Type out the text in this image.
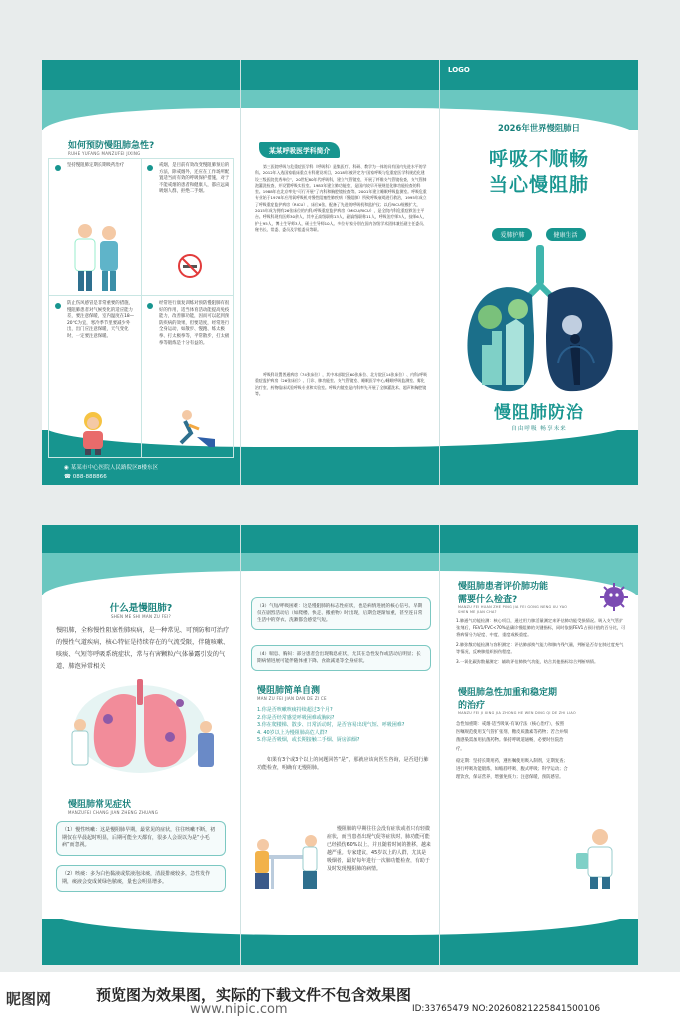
如何预防慢阻肺急性?
RUHE YUFANG MANZUFEI JIXING
坚持慢阻肺定期长期吸药治疗	戒烟，是目前有效改变慢阻肺预后的方法，除戒烟外，还应在工作场所配置适当而有效的呼吸保护措施，对于不能戒烟的患者和健康人，都应远离吸烟人群，拒绝二手烟。
防止伤风感冒是非常重要的措施，慢阻肺患者对气候变化的适应能力差，要注意保暖，室内温度在18—20℃为宜，寒冷季节里要减少外出，出门应注意保暖，天气变化时，一定要注意保暖。
经常进行康复训练对预防慢阻肺有很好的作用，适当体育活动能提高免疫能力，改善肺功能，因而可以起到预防疾病的效果，但要适度，经常进行全身运动，如散步、慢跑、练太极拳、打太极拳等，平常散步，打太极拳等锻炼是十分有益的。
◉ 某某市中心医院人民路院区8楼东区
☎ 088-888866
某某呼吸医学科简介
第三医院呼吸与危重症医学科（呼吸科）是集医疗、科研、教学为一体的具有国内先进水平的学科。2012年入选国家临床重点专科建设项目，2018年被评定为“国家呼吸与危重症医学科规范化建设三级医院优秀单位”，20世纪80年代呼吸科，建立气管镜室，开展了纤维支气管镜检查，支气管肺泡灌洗检查，并设置呼吸实验室。1983年建立肺功能室，是国内较早开展规范化肺功能检查的科室。1988年在北京率先“可行开展”了内科和胸腔镜检查等。2001年建立睡眠呼吸监测室。呼吸危重专业始于1978年应用氧呼吸机对慢性阻塞性肺疾病（慢阻肺）所致呼吸衰竭进行救治，1995年成立了呼吸重症监护病房（RICU），床位6张，配备了先进的呼吸机和监护仪；以后RICU规模扩大，2015年成为拥有26张床位的内科/呼吸重症监护病房（MICU/RICU），是全院内科危重症救治主平台。呼吸科现有医师30余人，其中正高级职称13人，副高级职称11人，呼吸治疗师3人，技师6人，护士95人，博士生导师3人，硕士生导师10人。多位专家分别在国内各级学术团体兼任副主任委员、秘书长、常委、委员及学组委员等职。
呼吸科设置普通病房（74张床位），其中本部院区60张床位、北方院区14张床位）、内科/呼吸重症监护病房（26张床位）、门诊、肺功能室、支气管镜室、睡眠医学中心/睡眠呼吸监测室、雾化治疗室、药物临床试验呼吸专业和实验室。呼吸内镜室是内科率先开展了全肺灌洗术、超声和胸腔镜等。
LOGO
2026年世界慢阻肺日
呼吸不顺畅
当心慢阻肺
爱肺护肺	健康生活
慢阻肺防治
自由呼吸 畅享未来
什么是慢阻肺?
SHEN ME SHI MAN ZU FEI?
慢阻肺，全称慢性阻塞性肺疾病，是一种常见、可预防和可治疗的慢性气道疾病，核心特征是持续存在的气流受限，伴随咳嗽、咳痰、气短等呼吸系统症状，常与有害颗粒/气体暴露引发的气道、肺泡异常相关
慢阻肺常见症状
MANZUFEI CHANG JIAN ZHENG ZHUANG
（1）慢性咳嗽：这是慢阻肺早期，最常见的症状，往往咳嗽不断，初期仅在早晨起时明显，后期可能全天都有，很多人会误以为是“小毛病”而忽视。
（2）咳痰：多为白色黏液或浆液泡沫痰，清晨排痰较多，急性发作期，痰液会变成黄绿色脓痰，量也会明显增多。
（3）气短/呼吸困难：这是慢阻肺的标志性症状，也是病情进展的核心信号。早期仅在剧烈活动后（如爬楼、快走、搬重物）时出现，后期会逐渐加重，甚至连日常生活中的穿衣、洗漱都会感觉气短。
（4）喘息、胸闷：部分患者会出现喘息症状，尤其在急性发作或活动后明显；长期病情进展可能伴随体重下降、食欲减退等全身症状。
慢阻肺简单自测
MAN ZU FEI JIAN DAN DE ZI CE
1.你是否咳嗽咳痰持续超过3个月?
2.你是否经常感觉呼吸困难或胸闷?
3.你在爬楼梯、散步、日常活动时，是否容易出现气短、呼吸困难?
4. 40岁以上为慢阻肺高危人群?
5.你是否吸烟，或长期接触二手烟、厨房油烟?
如果有3个或3个以上的问题回答“是”，那就应该向医生咨询，是否进行肺功能检查，明确有无慢阻肺。
慢阻肺的早期往往会没有症状或者只有轻微症状，而当患者出现气促等症状时，肺功能可能已经损伤60%以上，并且随着时间的推移，越来越严重。专家建议，45岁以上的人群，尤其是吸烟者，最好每年进行一次肺功能检查，有助于及时发现慢阻肺的病情。
慢阻肺患者评价肺功能
需要什么检查?
MANZU FEI HUAN ZHE PING JIA FEI GONG NENG XU YAO SHEN ME JIAN CHA?
1.肺通气功能检测：核心项目，通过用力肺活量测定来评估肺功能受损情况。吸入支气管扩张剂后，FEV1/FVC<70%是确诊慢阻肺的关键指标，同时依据FEV1占预计值的百分比，可将病情分为轻度、中度、重度或极重度。
2.肺弥散功能检测与容积测定：评估肺部换气能力和肺内残气量，判断是否存在肺过度充气等情况，反映肺组织损伤程度。
3.一氧化碳弥散量测定：辅助评估肺换气功能，结合其他指标综合判断病情。
慢阻肺急性加重和稳定期
的治疗
MANZU FEI JI XING JIA ZHONG HE WEN DING QI DE ZHI LIAO
急性加重期：戒烟·适当吸氧·有氧疗法（核心治疗），按照医嘱规范使用支气管扩张剂、糖皮质激素等药物；若合并细菌感染需加用抗菌药物。保持呼吸道通畅，必要时住院治疗。
稳定期：坚持长期用药，遵医嘱使用吸入制剂，定期复查；进行呼吸功能锻炼，如缩唇呼吸、腹式呼吸；科学运动；合理饮食，保证营养，增强免疫力；注意保暖，预防感冒。
昵图网	预览图为效果图，实际的下载文件不包含效果图
www.nipic.com	ID:33765479 NO:20260821225841500106
